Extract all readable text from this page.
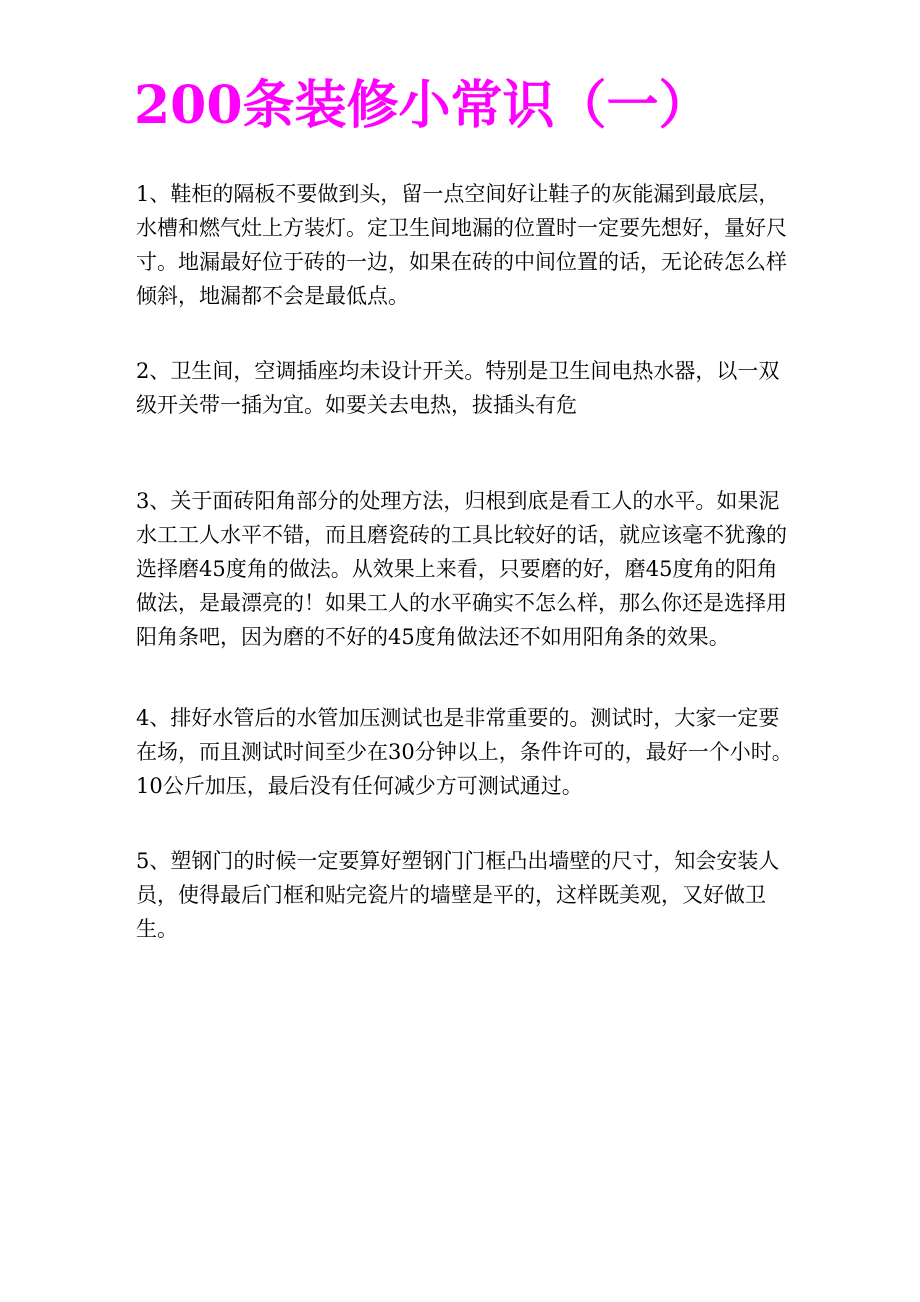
200条装修小常识（一）

1、鞋柜的隔板不要做到头，留一点空间好让鞋子的灰能漏到最底层，水槽和燃气灶上方装灯。定卫生间地漏的位置时一定要先想好，量好尺寸。地漏最好位于砖的一边，如果在砖的中间位置的话，无论砖怎么样倾斜，地漏都不会是最低点。

2、卫生间，空调插座均未设计开关。特别是卫生间电热水器，以一双级开关带一插为宜。如要关去电热，拔插头有危

3、关于面砖阳角部分的处理方法，归根到底是看工人的水平。如果泥水工工人水平不错，而且磨瓷砖的工具比较好的话，就应该毫不犹豫的选择磨45度角的做法。从效果上来看，只要磨的好，磨45度角的阳角做法，是最漂亮的！如果工人的水平确实不怎么样，那么你还是选择用阳角条吧，因为磨的不好的45度角做法还不如用阳角条的效果。

4、排好水管后的水管加压测试也是非常重要的。测试时，大家一定要在场，而且测试时间至少在30分钟以上，条件许可的，最好一个小时。10公斤加压，最后没有任何减少方可测试通过。

5、塑钢门的时候一定要算好塑钢门门框凸出墙壁的尺寸，知会安装人员，使得最后门框和贴完瓷片的墙壁是平的，这样既美观，又好做卫生。
